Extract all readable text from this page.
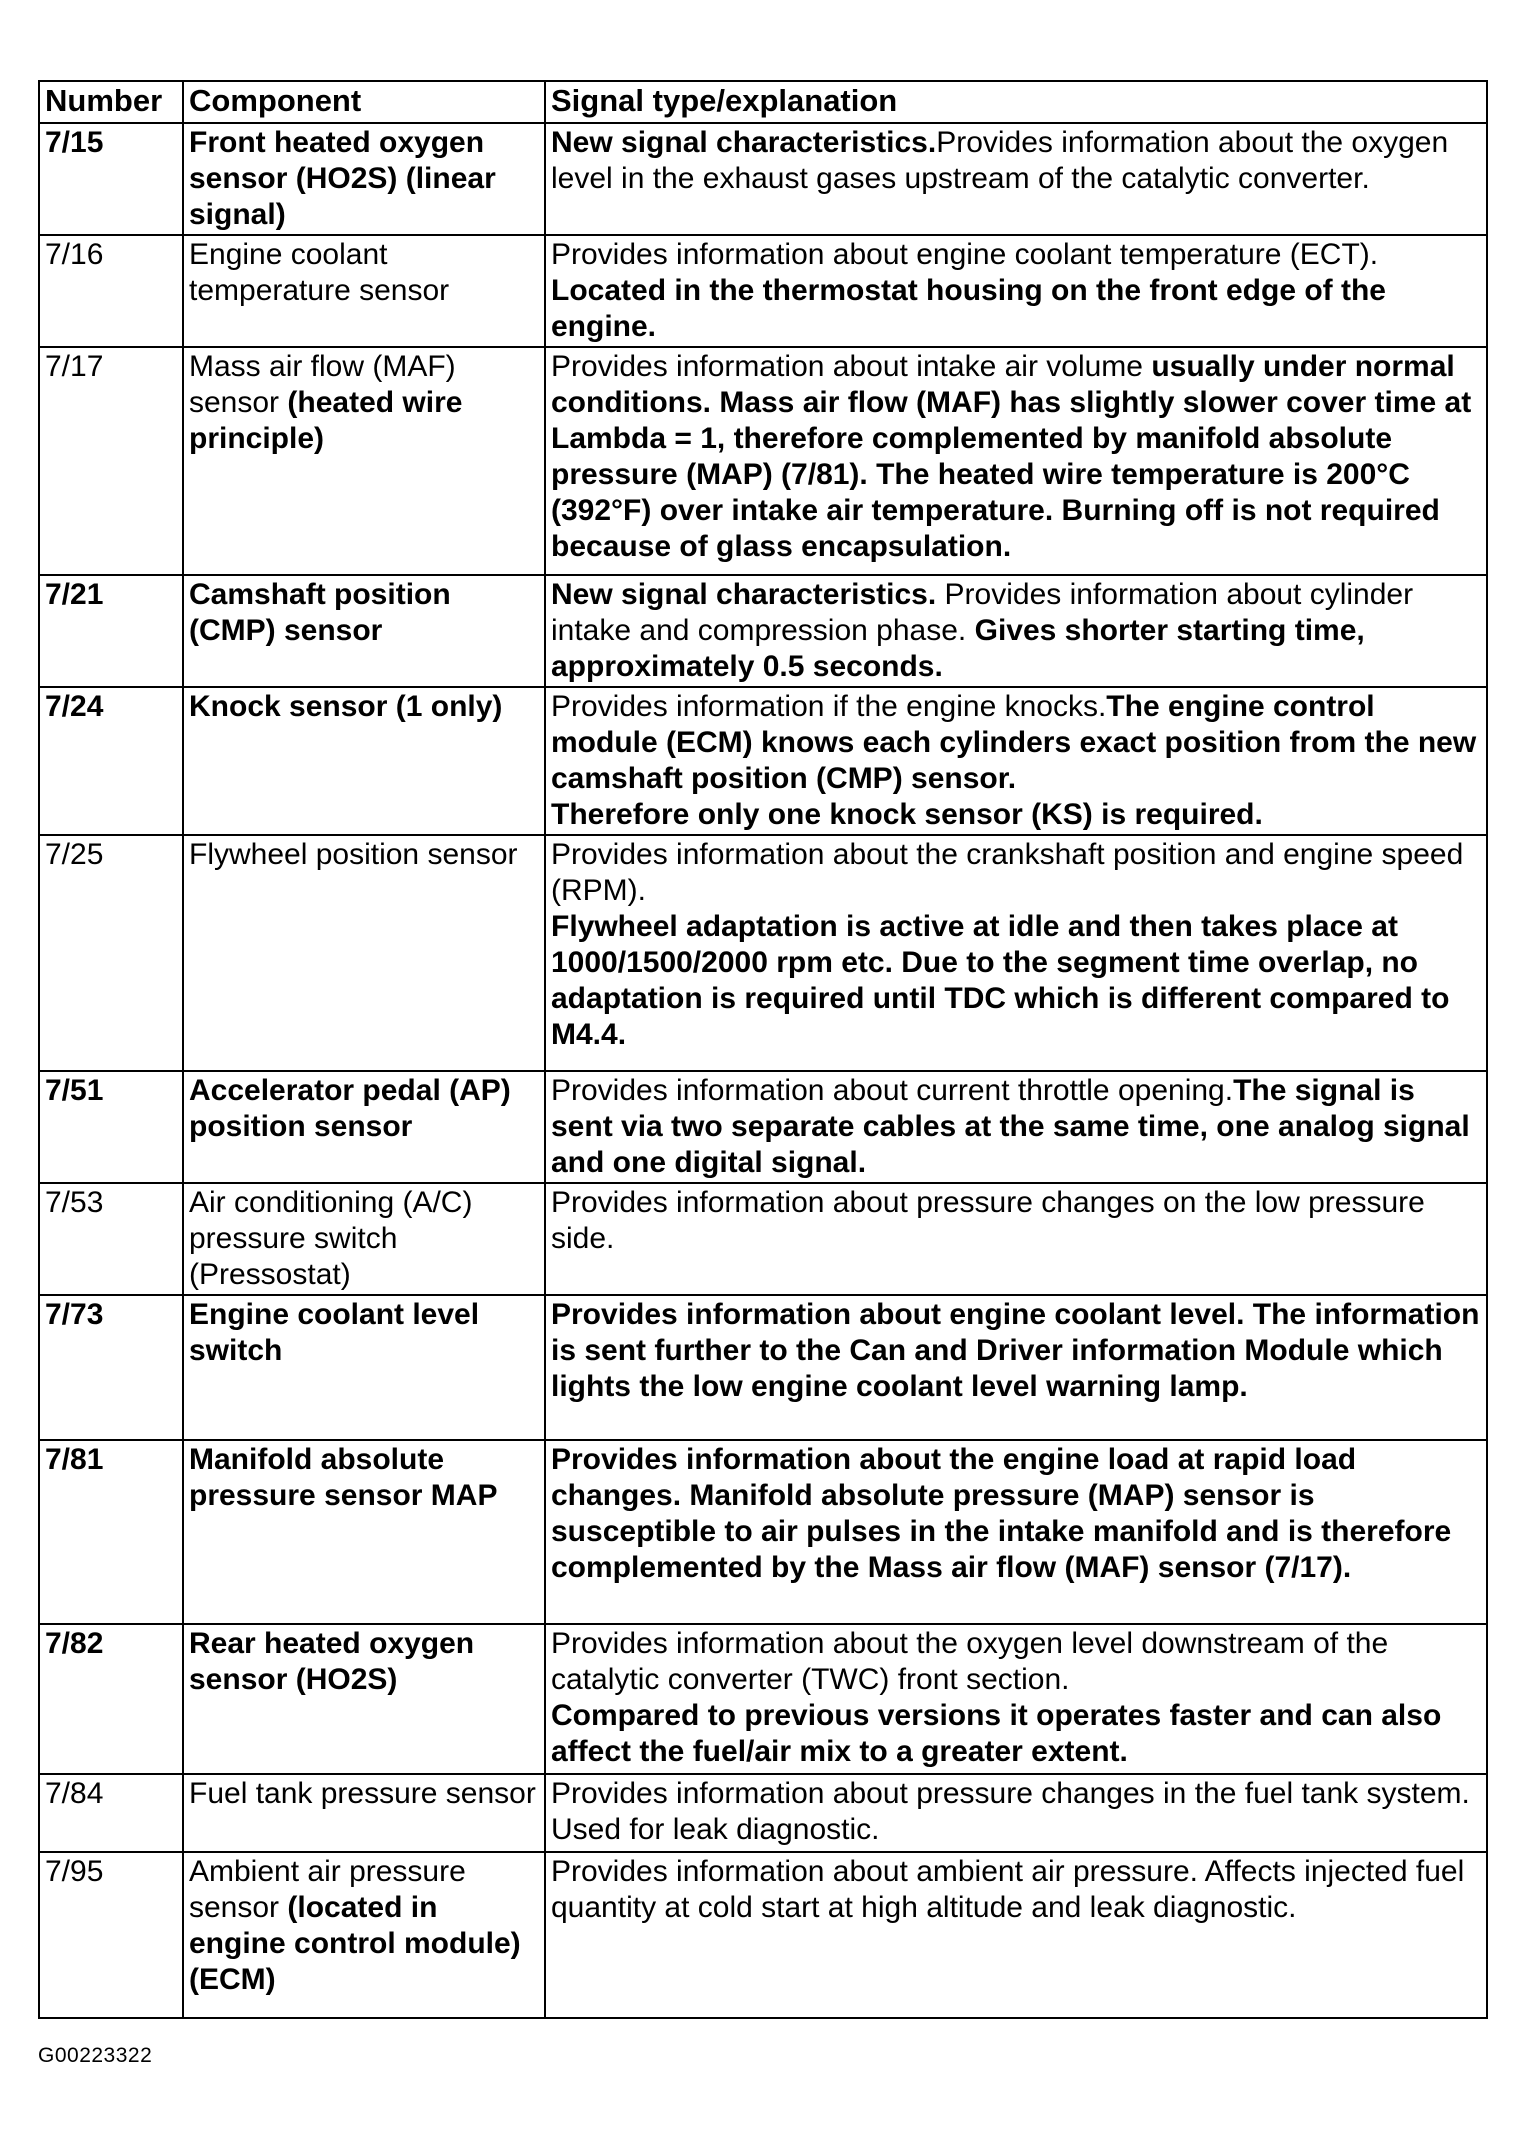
Number	Component	Signal type/explanation
7/15	Front heated oxygen sensor (HO2S) (linear signal)	New signal characteristics.Provides information about the oxygen level in the exhaust gases upstream of the catalytic converter.
7/16	Engine coolant temperature sensor	Provides information about engine coolant temperature (ECT).
Located in the thermostat housing on the front edge of the engine.
7/17	Mass air flow (MAF) sensor (heated wire principle)	Provides information about intake air volume usually under normal conditions. Mass air flow (MAF) has slightly slower cover time at Lambda = 1, therefore complemented by manifold absolute pressure (MAP) (7/81). The heated wire temperature is 200°C (392°F) over intake air temperature. Burning off is not required because of glass encapsulation.
7/21	Camshaft position (CMP) sensor	New signal characteristics. Provides information about cylinder intake and compression phase. Gives shorter starting time, approximately 0.5 seconds.
7/24	Knock sensor (1 only)	Provides information if the engine knocks.The engine control module (ECM) knows each cylinders exact position from the new camshaft position (CMP) sensor.
Therefore only one knock sensor (KS) is required.

7/25	Flywheel position sensor	Provides information about the crankshaft position and engine speed (RPM).
Flywheel adaptation is active at idle and then takes place at 1000/1500/2000 rpm etc. Due to the segment time overlap, no adaptation is required until TDC which is different compared to M4.4.
7/51	Accelerator pedal (AP) position sensor	Provides information about current throttle opening.The signal is sent via two separate cables at the same time, one analog signal and one digital signal.
7/53	Air conditioning (A/C) pressure switch (Pressostat)	Provides information about pressure changes on the low pressure side.
7/73	Engine coolant level switch	Provides information about engine coolant level. The information is sent further to the Can and Driver information Module which lights the low engine coolant level warning lamp.
7/81	Manifold absolute pressure sensor MAP	Provides information about the engine load at rapid load changes. Manifold absolute pressure (MAP) sensor is susceptible to air pulses in the intake manifold and is therefore complemented by the Mass air flow (MAF) sensor (7/17).
7/82	Rear heated oxygen sensor (HO2S)	Provides information about the oxygen level downstream of the catalytic converter (TWC) front section.
Compared to previous versions it operates faster and can also affect the fuel/air mix to a greater extent.
7/84	Fuel tank pressure sensor	Provides information about pressure changes in the fuel tank system. Used for leak diagnostic.
7/95	Ambient air pressure sensor (located in engine control module) (ECM)	Provides information about ambient air pressure. Affects injected fuel quantity at cold start at high altitude and leak diagnostic.
G00223322
